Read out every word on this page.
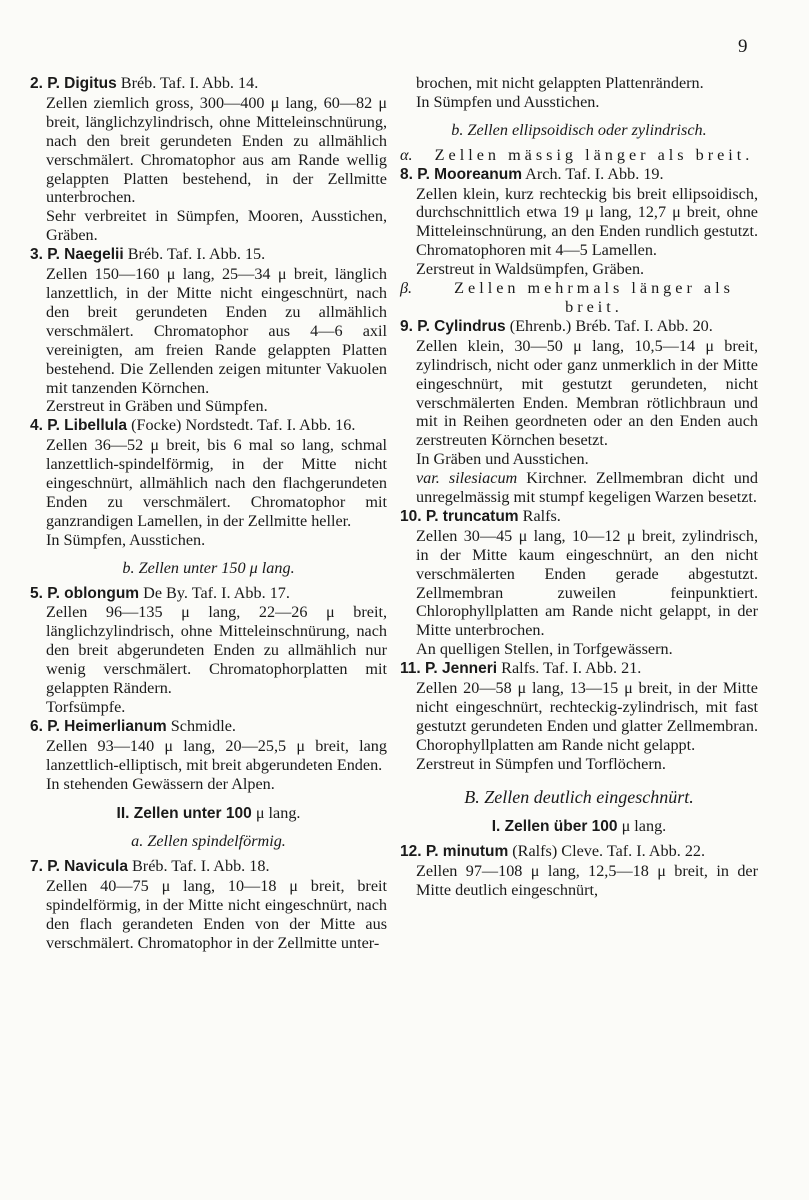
9
2. P. Digitus Bréb. Taf. I. Abb. 14.
Zellen ziemlich gross, 300—400 μ lang, 60—82 μ breit, länglichzylindrisch, ohne Mitteleinschnürung, nach den breit gerundeten Enden zu allmählich verschmälert. Chromatophor aus am Rande wellig gelappten Platten bestehend, in der Zellmitte unterbrochen.
Sehr verbreitet in Sümpfen, Mooren, Ausstichen, Gräben.
3. P. Naegelii Bréb. Taf. I. Abb. 15.
Zellen 150—160 μ lang, 25—34 μ breit, länglich lanzettlich, in der Mitte nicht eingeschnürt, nach den breit gerundeten Enden zu allmählich verschmälert. Chromatophor aus 4—6 axil vereinigten, am freien Rande gelappten Platten bestehend. Die Zellenden zeigen mitunter Vakuolen mit tanzenden Körnchen.
Zerstreut in Gräben und Sümpfen.
4. P. Libellula (Focke) Nordstedt. Taf. I. Abb. 16.
Zellen 36—52 μ breit, bis 6 mal so lang, schmal lanzettlich-spindelförmig, in der Mitte nicht eingeschnürt, allmählich nach den flachgerundeten Enden zu verschmälert. Chromatophor mit ganzrandigen Lamellen, in der Zellmitte heller.
In Sümpfen, Ausstichen.
b. Zellen unter 150 μ lang.
5. P. oblongum De By. Taf. I. Abb. 17.
Zellen 96—135 μ lang, 22—26 μ breit, länglichzylindrisch, ohne Mitteleinschnürung, nach den breit abgerundeten Enden zu allmählich nur wenig verschmälert. Chromatophorplatten mit gelappten Rändern.
Torfsümpfe.
6. P. Heimerlianum Schmidle.
Zellen 93—140 μ lang, 20—25,5 μ breit, lang lanzettlich-elliptisch, mit breit abgerundeten Enden.
In stehenden Gewässern der Alpen.
II. Zellen unter 100 μ lang.
a. Zellen spindelförmig.
7. P. Navicula Bréb. Taf. I. Abb. 18.
Zellen 40—75 μ lang, 10—18 μ breit, breit spindelförmig, in der Mitte nicht eingeschnürt, nach den flach gerandeten Enden von der Mitte aus verschmälert. Chromatophor in der Zellmitte unter-
brochen, mit nicht gelappten Plattenrändern.
In Sümpfen und Ausstichen.
b. Zellen ellipsoidisch oder zylindrisch.
α.	Zellen mässig länger als breit.
8. P. Mooreanum Arch. Taf. I. Abb. 19.
Zellen klein, kurz rechteckig bis breit ellipsoidisch, durchschnittlich etwa 19 μ lang, 12,7 μ breit, ohne Mitteleinschnürung, an den Enden rundlich gestutzt. Chromatophoren mit 4—5 Lamellen.
Zerstreut in Waldsümpfen, Gräben.
β.	Zellen mehrmals länger als breit.
9. P. Cylindrus (Ehrenb.) Bréb. Taf. I. Abb. 20.
Zellen klein, 30—50 μ lang, 10,5—14 μ breit, zylindrisch, nicht oder ganz unmerklich in der Mitte eingeschnürt, mit gestutzt gerundeten, nicht verschmälerten Enden. Membran rötlichbraun und mit in Reihen geordneten oder an den Enden auch zerstreuten Körnchen besetzt.
In Gräben und Ausstichen.
var. silesiacum Kirchner. Zellmembran dicht und unregelmässig mit stumpf kegeligen Warzen besetzt.
10. P. truncatum Ralfs.
Zellen 30—45 μ lang, 10—12 μ breit, zylindrisch, in der Mitte kaum eingeschnürt, an den nicht verschmälerten Enden gerade abgestutzt. Zellmembran zuweilen feinpunktiert. Chlorophyllplatten am Rande nicht gelappt, in der Mitte unterbrochen.
An quelligen Stellen, in Torfgewässern.
11. P. Jenneri Ralfs. Taf. I. Abb. 21.
Zellen 20—58 μ lang, 13—15 μ breit, in der Mitte nicht eingeschnürt, rechteckig-zylindrisch, mit fast gestutzt gerundeten Enden und glatter Zellmembran. Chorophyllplatten am Rande nicht gelappt.
Zerstreut in Sümpfen und Torflöchern.
B. Zellen deutlich eingeschnürt.
I. Zellen über 100 μ lang.
12. P. minutum (Ralfs) Cleve. Taf. I. Abb. 22.
Zellen 97—108 μ lang, 12,5—18 μ breit, in der Mitte deutlich eingeschnürt,
